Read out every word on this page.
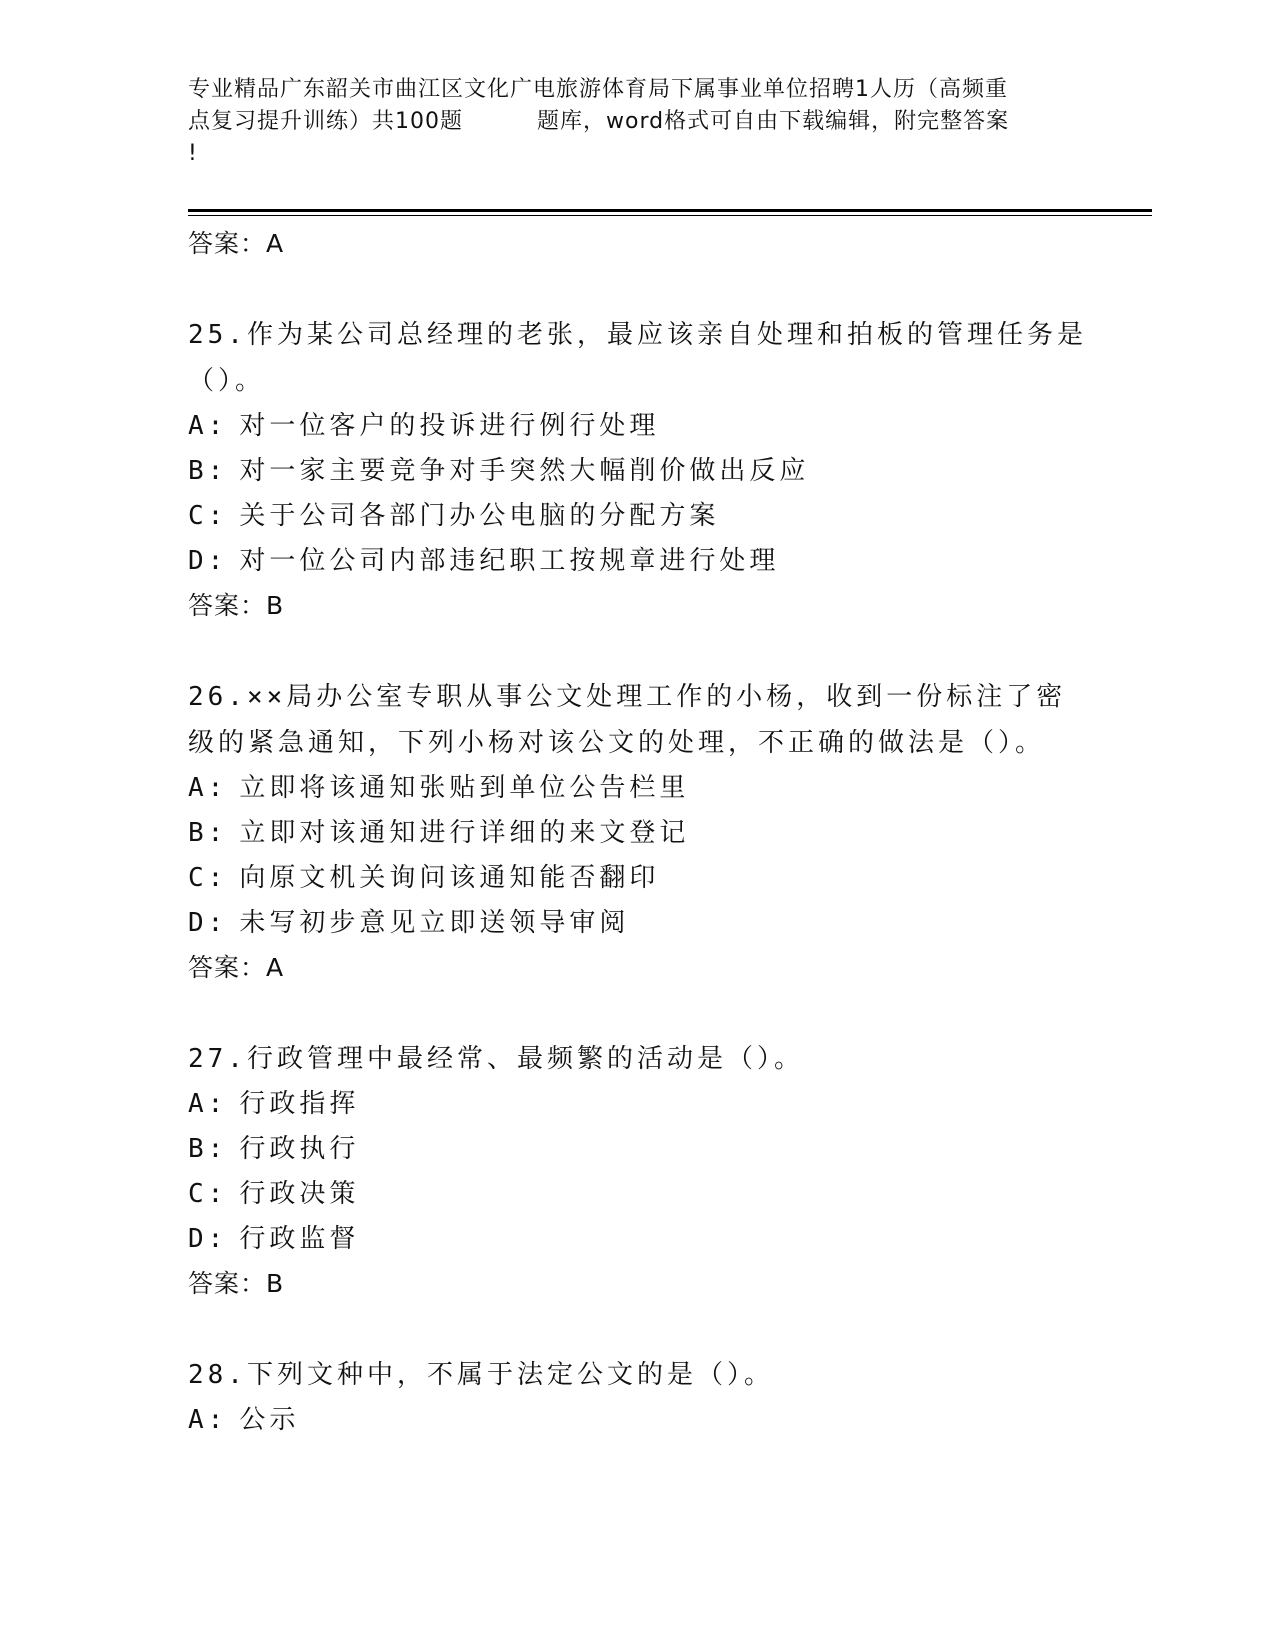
专业精品广东韶关市曲江区文化广电旅游体育局下属事业单位招聘1人历（高频重
点复习提升训练）共100题	题库，word格式可自由下载编辑，附完整答案
!
答案：A
25.作为某公司总经理的老张，最应该亲自处理和拍板的管理任务是（）。
A: 对一位客户的投诉进行例行处理
B: 对一家主要竞争对手突然大幅削价做出反应
C: 关于公司各部门办公电脑的分配方案
D: 对一位公司内部违纪职工按规章进行处理
答案：B
26.××局办公室专职从事公文处理工作的小杨，收到一份标注了密级的紧急通知，下列小杨对该公文的处理，不正确的做法是（）。
A: 立即将该通知张贴到单位公告栏里
B: 立即对该通知进行详细的来文登记
C: 向原文机关询问该通知能否翻印
D: 未写初步意见立即送领导审阅
答案：A
27.行政管理中最经常、最频繁的活动是（）。
A: 行政指挥
B: 行政执行
C: 行政决策
D: 行政监督
答案：B
28.下列文种中，不属于法定公文的是（）。
A: 公示
